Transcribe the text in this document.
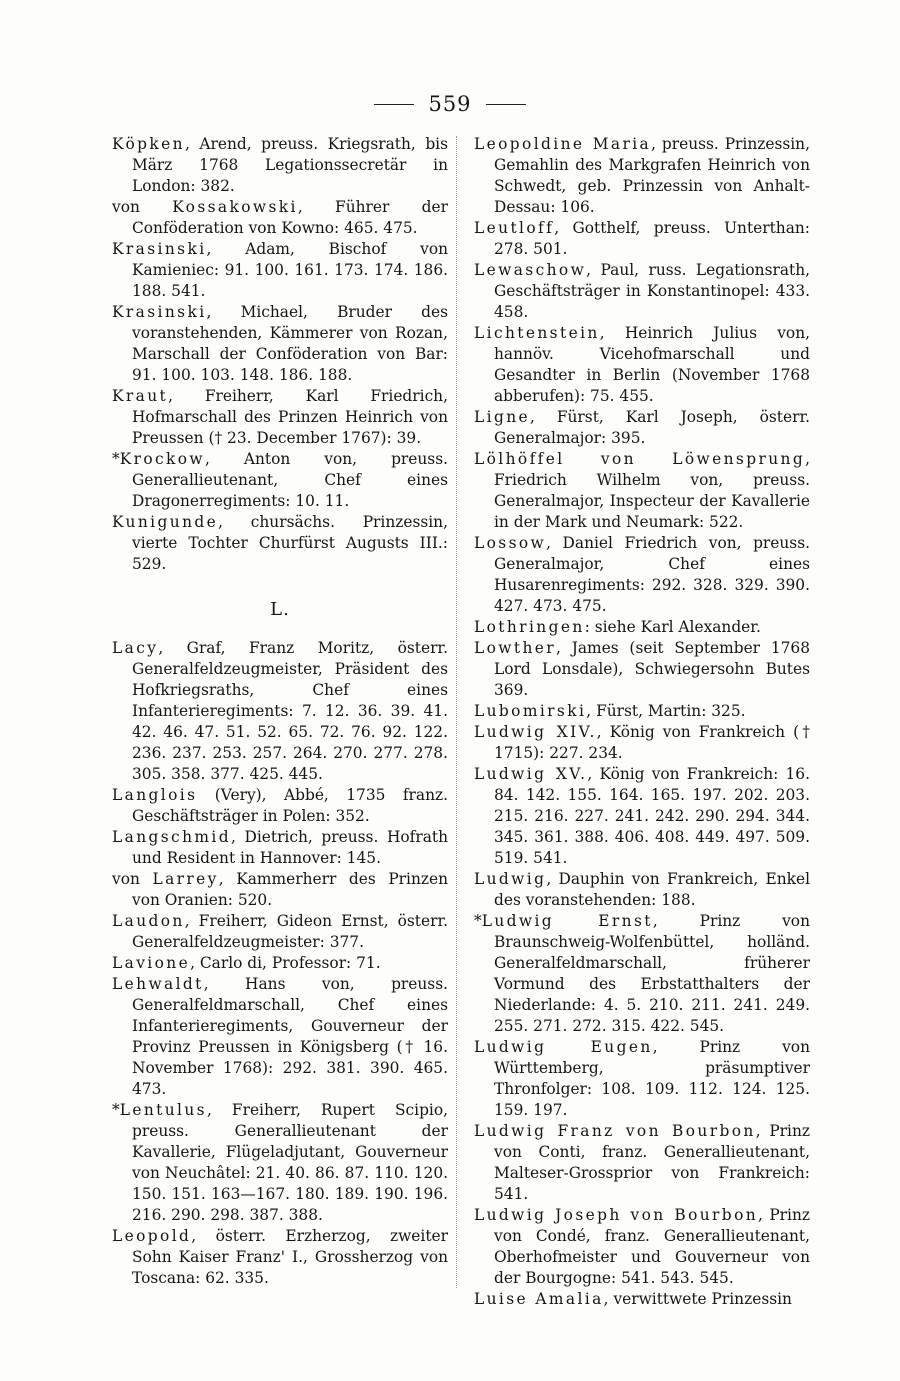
559

Köpken, Arend, preuss. Kriegsrath, bis März 1768 Legationssecretär in London: 382.

von Kossakowski, Führer der Conföderation von Kowno: 465. 475.

Krasinski, Adam, Bischof von Kamieniec: 91. 100. 161. 173. 174. 186. 188. 541.

Krasinski, Michael, Bruder des voranstehenden, Kämmerer von Rozan, Marschall der Conföderation von Bar: 91. 100. 103. 148. 186. 188.

Kraut, Freiherr, Karl Friedrich, Hofmarschall des Prinzen Heinrich von Preussen († 23. December 1767): 39.

*Krockow, Anton von, preuss. Generallieutenant, Chef eines Dragonerregiments: 10. 11.

Kunigunde, chursächs. Prinzessin, vierte Tochter Churfürst Augusts III.: 529.

L.

Lacy, Graf, Franz Moritz, österr. Generalfeldzeugmeister, Präsident des Hofkriegsraths, Chef eines Infanterieregiments: 7. 12. 36. 39. 41. 42. 46. 47. 51. 52. 65. 72. 76. 92. 122. 236. 237. 253. 257. 264. 270. 277. 278. 305. 358. 377. 425. 445.

Langlois (Very), Abbé, 1735 franz. Geschäftsträger in Polen: 352.

Langschmid, Dietrich, preuss. Hofrath und Resident in Hannover: 145.

von Larrey, Kammerherr des Prinzen von Oranien: 520.

Laudon, Freiherr, Gideon Ernst, österr. Generalfeldzeugmeister: 377.

Lavione, Carlo di, Professor: 71.

Lehwaldt, Hans von, preuss. Generalfeldmarschall, Chef eines Infanterieregiments, Gouverneur der Provinz Preussen in Königsberg († 16. November 1768): 292. 381. 390. 465. 473.

*Lentulus, Freiherr, Rupert Scipio, preuss. Generallieutenant der Kavallerie, Flügeladjutant, Gouverneur von Neuchâtel: 21. 40. 86. 87. 110. 120. 150. 151. 163—167. 180. 189. 190. 196. 216. 290. 298. 387. 388.

Leopold, österr. Erzherzog, zweiter Sohn Kaiser Franz' I., Grossherzog von Toscana: 62. 335.

Leopoldine Maria, preuss. Prinzessin, Gemahlin des Markgrafen Heinrich von Schwedt, geb. Prinzessin von Anhalt-Dessau: 106.

Leutloff, Gotthelf, preuss. Unterthan: 278. 501.

Lewaschow, Paul, russ. Legationsrath, Geschäftsträger in Konstantinopel: 433. 458.

Lichtenstein, Heinrich Julius von, hannöv. Vicehofmarschall und Gesandter in Berlin (November 1768 abberufen): 75. 455.

Ligne, Fürst, Karl Joseph, österr. Generalmajor: 395.

Lölhöffel von Löwensprung, Friedrich Wilhelm von, preuss. Generalmajor, Inspecteur der Kavallerie in der Mark und Neumark: 522.

Lossow, Daniel Friedrich von, preuss. Generalmajor, Chef eines Husarenregiments: 292. 328. 329. 390. 427. 473. 475.

Lothringen: siehe Karl Alexander.

Lowther, James (seit September 1768 Lord Lonsdale), Schwiegersohn Butes 369.

Lubomirski, Fürst, Martin: 325.

Ludwig XIV., König von Frankreich († 1715): 227. 234.

Ludwig XV., König von Frankreich: 16. 84. 142. 155. 164. 165. 197. 202. 203. 215. 216. 227. 241. 242. 290. 294. 344. 345. 361. 388. 406. 408. 449. 497. 509. 519. 541.

Ludwig, Dauphin von Frankreich, Enkel des voranstehenden: 188.

*Ludwig Ernst, Prinz von Braunschweig-Wolfenbüttel, holländ. Generalfeldmarschall, früherer Vormund des Erbstatthalters der Niederlande: 4. 5. 210. 211. 241. 249. 255. 271. 272. 315. 422. 545.

Ludwig Eugen, Prinz von Württemberg, präsumptiver Thronfolger: 108. 109. 112. 124. 125. 159. 197.

Ludwig Franz von Bourbon, Prinz von Conti, franz. Generallieutenant, Malteser-Grossprior von Frankreich: 541.

Ludwig Joseph von Bourbon, Prinz von Condé, franz. Generallieutenant, Oberhofmeister und Gouverneur von der Bourgogne: 541. 543. 545.

Luise Amalia, verwittwete Prinzessin
